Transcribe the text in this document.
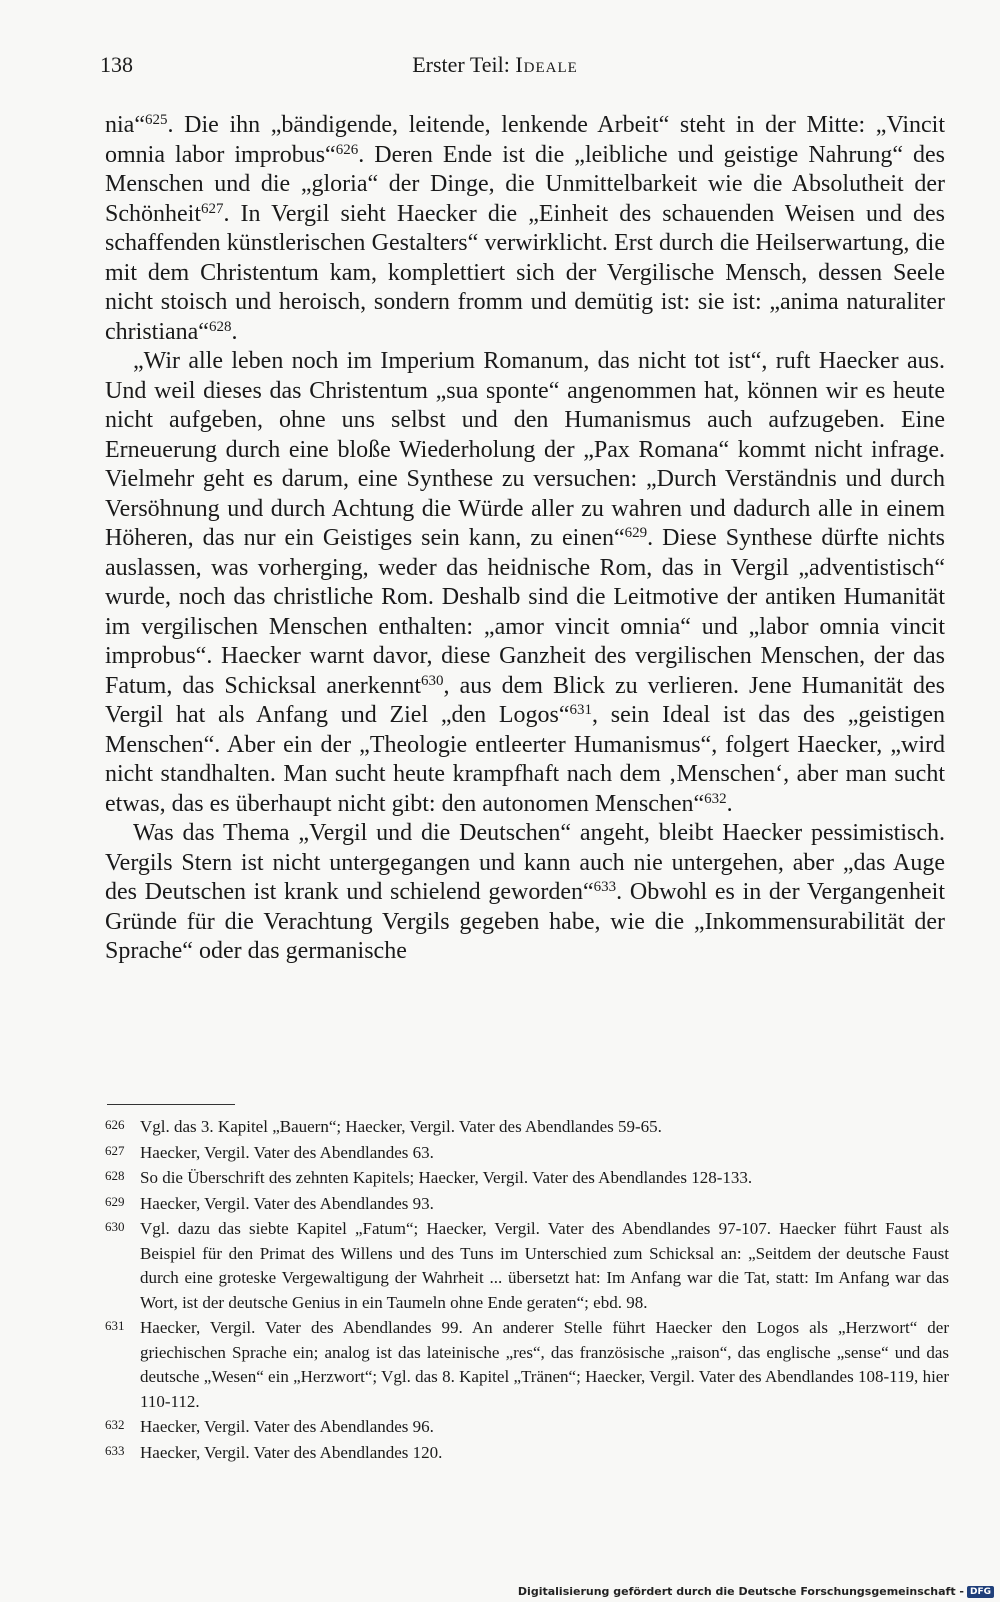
138	Erster Teil: Ideale

nia“$^{625}$. Die ihn „bändigende, leitende, lenkende Arbeit“ steht in der Mitte: „Vincit omnia labor improbus“$^{626}$. Deren Ende ist die „leibliche und geistige Nahrung“ des Menschen und die „gloria“ der Dinge, die Unmittelbarkeit wie die Absolutheit der Schönheit$^{627}$. In Vergil sieht Haecker die „Einheit des schauenden Weisen und des schaffenden künstlerischen Gestalters“ verwirklicht. Erst durch die Heilserwartung, die mit dem Christentum kam, komplettiert sich der Vergilische Mensch, dessen Seele nicht stoisch und heroisch, sondern fromm und demütig ist: sie ist: „anima naturaliter christiana“$^{628}$.

„Wir alle leben noch im Imperium Romanum, das nicht tot ist“, ruft Haecker aus. Und weil dieses das Christentum „sua sponte“ angenommen hat, können wir es heute nicht aufgeben, ohne uns selbst und den Humanismus auch aufzugeben. Eine Erneuerung durch eine bloße Wiederholung der „Pax Romana“ kommt nicht infrage. Vielmehr geht es darum, eine Synthese zu versuchen: „Durch Verständnis und durch Versöhnung und durch Achtung die Würde aller zu wahren und dadurch alle in einem Höheren, das nur ein Geistiges sein kann, zu einen“$^{629}$. Diese Synthese dürfte nichts auslassen, was vorherging, weder das heidnische Rom, das in Vergil „adventistisch“ wurde, noch das christliche Rom. Deshalb sind die Leitmotive der antiken Humanität im vergilischen Menschen enthalten: „amor vincit omnia“ und „labor omnia vincit improbus“. Haecker warnt davor, diese Ganzheit des vergilischen Menschen, der das Fatum, das Schicksal anerkennt$^{630}$, aus dem Blick zu verlieren. Jene Humanität des Vergil hat als Anfang und Ziel „den Logos“$^{631}$, sein Ideal ist das des „geistigen Menschen“. Aber ein der „Theologie entleerter Humanismus“, folgert Haecker, „wird nicht standhalten. Man sucht heute krampfhaft nach dem ‚Menschen‘, aber man sucht etwas, das es überhaupt nicht gibt: den autonomen Menschen“$^{632}$.

Was das Thema „Vergil und die Deutschen“ angeht, bleibt Haecker pessimistisch. Vergils Stern ist nicht untergegangen und kann auch nie untergehen, aber „das Auge des Deutschen ist krank und schielend geworden“$^{633}$. Obwohl es in der Vergangenheit Gründe für die Verachtung Vergils gegeben habe, wie die „Inkommensurabilität der Sprache“ oder das germanische

626 Vgl. das 3. Kapitel „Bauern“; Haecker, Vergil. Vater des Abendlandes 59-65.
627 Haecker, Vergil. Vater des Abendlandes 63.
628 So die Überschrift des zehnten Kapitels; Haecker, Vergil. Vater des Abendlandes 128-133.
629 Haecker, Vergil. Vater des Abendlandes 93.
630 Vgl. dazu das siebte Kapitel „Fatum“; Haecker, Vergil. Vater des Abendlandes 97-107. Haecker führt Faust als Beispiel für den Primat des Willens und des Tuns im Unterschied zum Schicksal an: „Seitdem der deutsche Faust durch eine groteske Vergewaltigung der Wahrheit ... übersetzt hat: Im Anfang war die Tat, statt: Im Anfang war das Wort, ist der deutsche Genius in ein Taumeln ohne Ende geraten“; ebd. 98.
631 Haecker, Vergil. Vater des Abendlandes 99. An anderer Stelle führt Haecker den Logos als „Herzwort“ der griechischen Sprache ein; analog ist das lateinische „res“, das französische „raison“, das englische „sense“ und das deutsche „Wesen“ ein „Herzwort“; Vgl. das 8. Kapitel „Tränen“; Haecker, Vergil. Vater des Abendlandes 108-119, hier 110-112.
632 Haecker, Vergil. Vater des Abendlandes 96.
633 Haecker, Vergil. Vater des Abendlandes 120.
Digitalisierung gefördert durch die Deutsche Forschungsgemeinschaft - DFG
